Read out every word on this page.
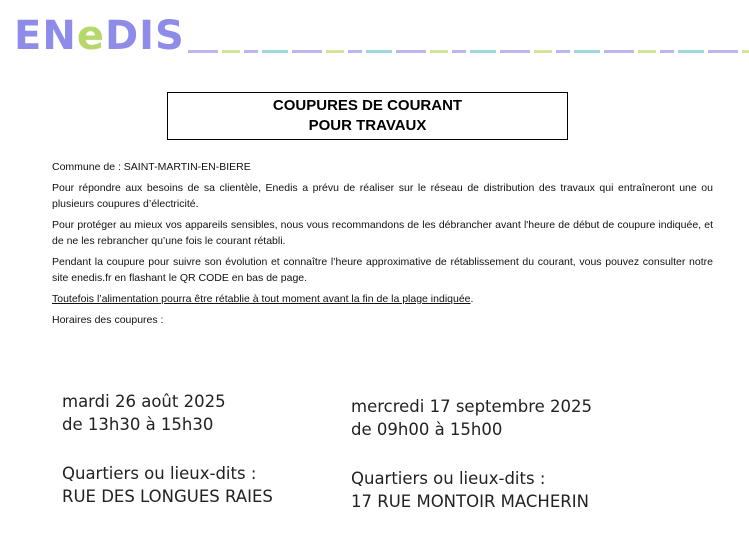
ENeDIS
COUPURES DE COURANT
POUR TRAVAUX

Commune de : SAINT-MARTIN-EN-BIERE

Pour répondre aux besoins de sa clientèle, Enedis a prévu de réaliser sur le réseau de distribution des travaux qui entraîneront une ou plusieurs coupures d’électricité.

Pour protéger au mieux vos appareils sensibles, nous vous recommandons de les débrancher avant l'heure de début de coupure indiquée, et de ne les rebrancher qu’une fois le courant rétabli.

Pendant la coupure pour suivre son évolution et connaître l’heure approximative de rétablissement du courant, vous pouvez consulter notre site enedis.fr en flashant le QR CODE en bas de page.

Toutefois l’alimentation pourra être rétablie à tout moment avant la fin de la plage indiquée.

Horaires des coupures :

mardi 26 août 2025
de 13h30 à 15h30
Quartiers ou lieux-dits :
RUE DES LONGUES RAIES
mercredi 17 septembre 2025
de 09h00 à 15h00
Quartiers ou lieux-dits :
17 RUE MONTOIR MACHERIN
